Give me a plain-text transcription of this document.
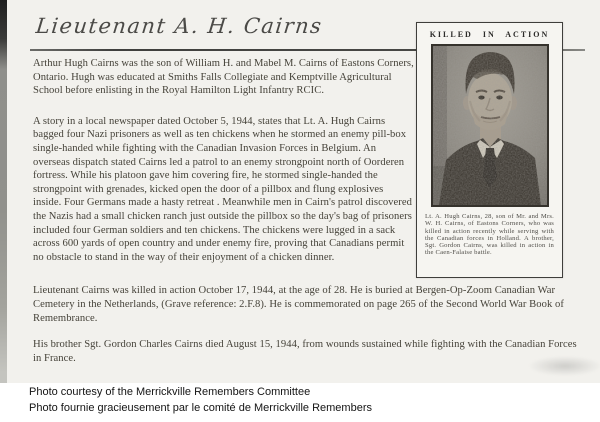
Lieutenant A. H. Cairns	KILLED IN ACTION

Lt. A. Hugh Cairns, 28, son of Mr. and Mrs. W. H. Cairns, of Eastons Corners, who was killed in action recently while serving with the Canadian forces in Holland. A brother, Sgt. Gordon Cairns, was killed in action in the Caen-Falaise battle.

Arthur Hugh Cairns was the son of William H. and Mabel M. Cairns of Eastons Corners, Ontario. Hugh was educated at Smiths Falls Collegiate and Kemptville Agricultural School before enlisting in the Royal Hamilton Light Infantry RCIC.

A story in a local newspaper dated October 5, 1944, states that Lt. A. Hugh Cairns bagged four Nazi prisoners as well as ten chickens when he stormed an enemy pill-box single-handed while fighting with the Canadian Invasion Forces in Belgium. An overseas dispatch stated Cairns led a patrol to an enemy strongpoint north of Oorderen fortress. While his platoon gave him covering fire, he stormed single-handed the strongpoint with grenades, kicked open the door of a pillbox and flung explosives inside. Four Germans made a hasty retreat . Meanwhile men in Cairn's patrol discovered the Nazis had a small chicken ranch just outside the pillbox so the day's bag of prisoners included four German soldiers and ten chickens. The chickens were lugged in a sack across 600 yards of open country and under enemy fire, proving that Canadians permit no obstacle to stand in the way of their enjoyment of a chicken dinner.

Lieutenant Cairns was killed in action October 17, 1944, at the age of 28. He is buried at Bergen-Op-Zoom Canadian War Cemetery in the Netherlands, (Grave reference: 2.F.8). He is commemorated on page 265 of the Second World War Book of Remembrance.

His brother Sgt. Gordon Charles Cairns died August 15, 1944, from wounds sustained while fighting with the Canadian Forces in France.

Photo courtesy of the Merrickville Remembers Committee

Photo fournie gracieusement par le comité de Merrickville Remembers
